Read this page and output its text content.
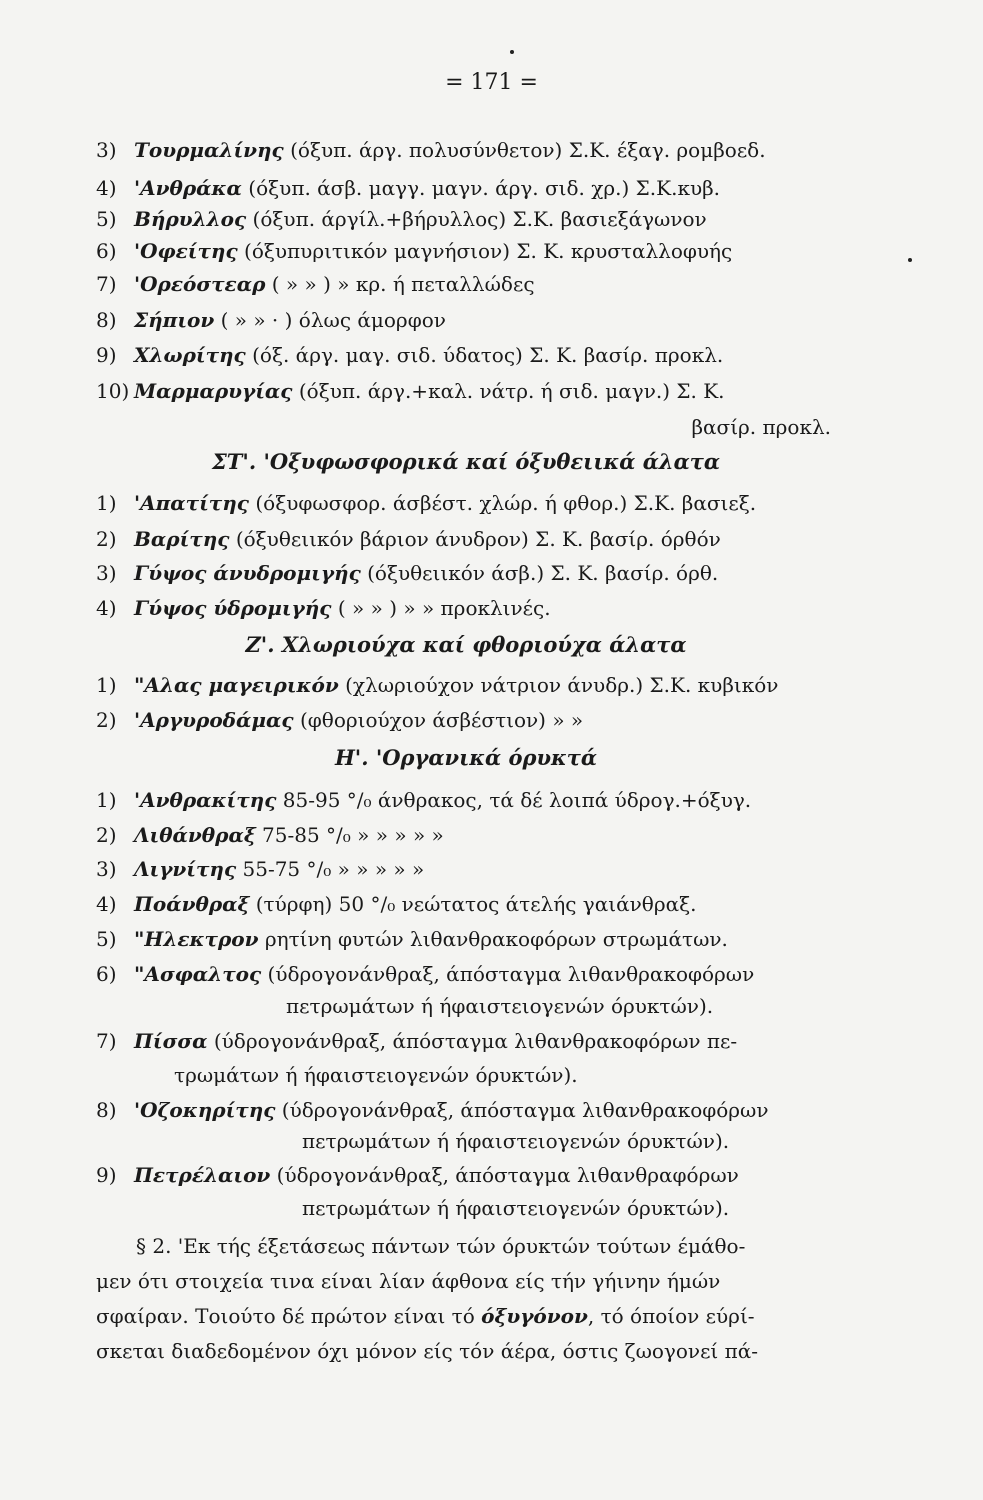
= 171 =
3) Τουρμαλίνης (όξυπ. άργ. πολυσύνθετον) Σ.Κ. έξαγ. ρομβοεδ.
4) 'Ανθράκα (όξυπ. άσβ. μαγγ. μαγν. άργ. σιδ. χρ.) Σ.Κ.κυβ.
5) Βήρυλλος (όξυπ. άργίλ.+βήρυλλος) Σ.Κ. βασιεξάγωνον
6) 'Οφείτης (όξυπυριτικόν μαγνήσιον) Σ. Κ. κρυσταλλοφυής
7) 'Ορεόστεαρ ( » » ) » κρ. ή πεταλλώδες
8) Σήπιον ( » » · ) όλως άμορφον
9) Χλωρίτης (όξ. άργ. μαγ. σιδ. ύδατος) Σ. Κ. βασίρ. προκλ.
10) Μαρμαρυγίας (όξυπ. άργ.+καλ. νάτρ. ή σιδ. μαγν.) Σ. Κ.
βασίρ. προκλ.
ΣΤ'. 'Οξυφωσφορικά καί όξυθειικά άλατα
1) 'Απατίτης (όξυφωσφορ. άσβέστ. χλώρ. ή φθορ.) Σ.Κ. βασιεξ.
2) Βαρίτης (όξυθειικόν βάριον άνυδρον) Σ. Κ. βασίρ. όρθόν
3) Γύψος άνυδρομιγής (όξυθειικόν άσβ.) Σ. Κ. βασίρ. όρθ.
4) Γύψος ύδρομιγής ( » » ) » » προκλινές.
Ζ'. Χλωριούχα καί φθοριούχα άλατα
1) "Αλας μαγειρικόν (χλωριούχον νάτριον άνυδρ.) Σ.Κ. κυβικόν
2) 'Αργυροδάμας (φθοριούχον άσβέστιον) » »
Η'. 'Οργανικά όρυκτά
1) 'Ανθρακίτης 85-95 °/₀ άνθρακος, τά δέ λοιπά ύδρογ.+όξυγ.
2) Λιθάνθραξ 75-85 °/₀ » » » » »
3) Λιγνίτης 55-75 °/₀ » » » » »
4) Ποάνθραξ (τύρφη) 50 °/₀ νεώτατος άτελής γαιάνθραξ.
5) "Ηλεκτρον ρητίνη φυτών λιθανθρακοφόρων στρωμάτων.
6) "Ασφαλτος (ύδρογονάνθραξ, άπόσταγμα λιθανθρακοφόρων
πετρωμάτων ή ήφαιστειογενών όρυκτών).
7) Πίσσα (ύδρογονάνθραξ, άπόσταγμα λιθανθρακοφόρων πε-
τρωμάτων ή ήφαιστειογενών όρυκτών).
8) 'Οζοκηρίτης (ύδρογονάνθραξ, άπόσταγμα λιθανθρακοφόρων
πετρωμάτων ή ήφαιστειογενών όρυκτών).
9) Πετρέλαιον (ύδρογονάνθραξ, άπόσταγμα λιθανθραφόρων
πετρωμάτων ή ήφαιστειογενών όρυκτών).
§ 2. 'Εκ τής έξετάσεως πάντων τών όρυκτών τούτων έμάθο-
μεν ότι στοιχεία τινα είναι λίαν άφθονα είς τήν γήινην ήμών
σφαίραν. Τοιούτο δέ πρώτον είναι τό όξυγόνον, τό όποίον εύρί-
σκεται διαδεδομένον όχι μόνον είς τόν άέρα, όστις ζωογονεί πά-
